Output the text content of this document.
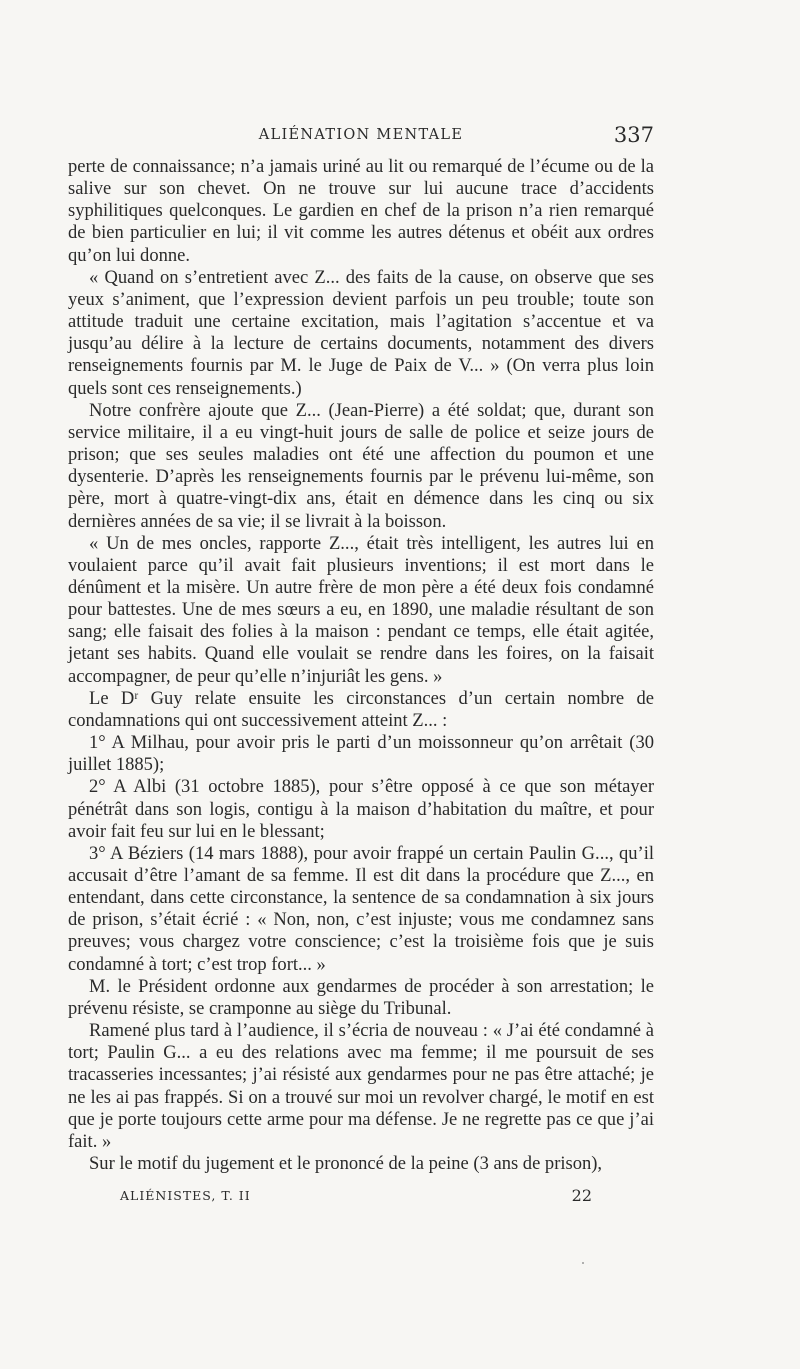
ALIÉNATION MENTALE	337

perte de connaissance; n’a jamais uriné au lit ou remarqué de l’écume ou de la salive sur son chevet. On ne trouve sur lui aucune trace d’accidents syphilitiques quelconques. Le gardien en chef de la prison n’a rien remarqué de bien particulier en lui; il vit comme les autres détenus et obéit aux ordres qu’on lui donne.

« Quand on s’entretient avec Z... des faits de la cause, on observe que ses yeux s’animent, que l’expression devient parfois un peu trouble; toute son attitude traduit une certaine excitation, mais l’agitation s’accentue et va jusqu’au délire à la lecture de certains documents, notamment des divers renseignements fournis par M. le Juge de Paix de V... » (On verra plus loin quels sont ces renseignements.)

Notre confrère ajoute que Z... (Jean-Pierre) a été soldat; que, durant son service militaire, il a eu vingt-huit jours de salle de police et seize jours de prison; que ses seules maladies ont été une affection du poumon et une dysenterie. D’après les renseignements fournis par le prévenu lui-même, son père, mort à quatre-vingt-dix ans, était en démence dans les cinq ou six dernières années de sa vie; il se livrait à la boisson.

« Un de mes oncles, rapporte Z..., était très intelligent, les autres lui en voulaient parce qu’il avait fait plusieurs inventions; il est mort dans le dénûment et la misère. Un autre frère de mon père a été deux fois condamné pour battestes. Une de mes sœurs a eu, en 1890, une maladie résultant de son sang; elle faisait des folies à la maison : pendant ce temps, elle était agitée, jetant ses habits. Quand elle voulait se rendre dans les foires, on la faisait accompagner, de peur qu’elle n’injuriât les gens. »

Le Dʳ Guy relate ensuite les circonstances d’un certain nombre de condamnations qui ont successivement atteint Z... :

1° A Milhau, pour avoir pris le parti d’un moissonneur qu’on arrêtait (30 juillet 1885);

2° A Albi (31 octobre 1885), pour s’être opposé à ce que son métayer pénétrât dans son logis, contigu à la maison d’habitation du maître, et pour avoir fait feu sur lui en le blessant;

3° A Béziers (14 mars 1888), pour avoir frappé un certain Paulin G..., qu’il accusait d’être l’amant de sa femme. Il est dit dans la procédure que Z..., en entendant, dans cette circonstance, la sentence de sa condamnation à six jours de prison, s’était écrié : « Non, non, c’est injuste; vous me condamnez sans preuves; vous chargez votre conscience; c’est la troisième fois que je suis condamné à tort; c’est trop fort... »

M. le Président ordonne aux gendarmes de procéder à son arrestation; le prévenu résiste, se cramponne au siège du Tribunal.

Ramené plus tard à l’audience, il s’écria de nouveau : « J’ai été condamné à tort; Paulin G... a eu des relations avec ma femme; il me poursuit de ses tracasseries incessantes; j’ai résisté aux gendarmes pour ne pas être attaché; je ne les ai pas frappés. Si on a trouvé sur moi un revolver chargé, le motif en est que je porte toujours cette arme pour ma défense. Je ne regrette pas ce que j’ai fait. »

Sur le motif du jugement et le prononcé de la peine (3 ans de prison),

ALIÉNISTES, T. II	22
